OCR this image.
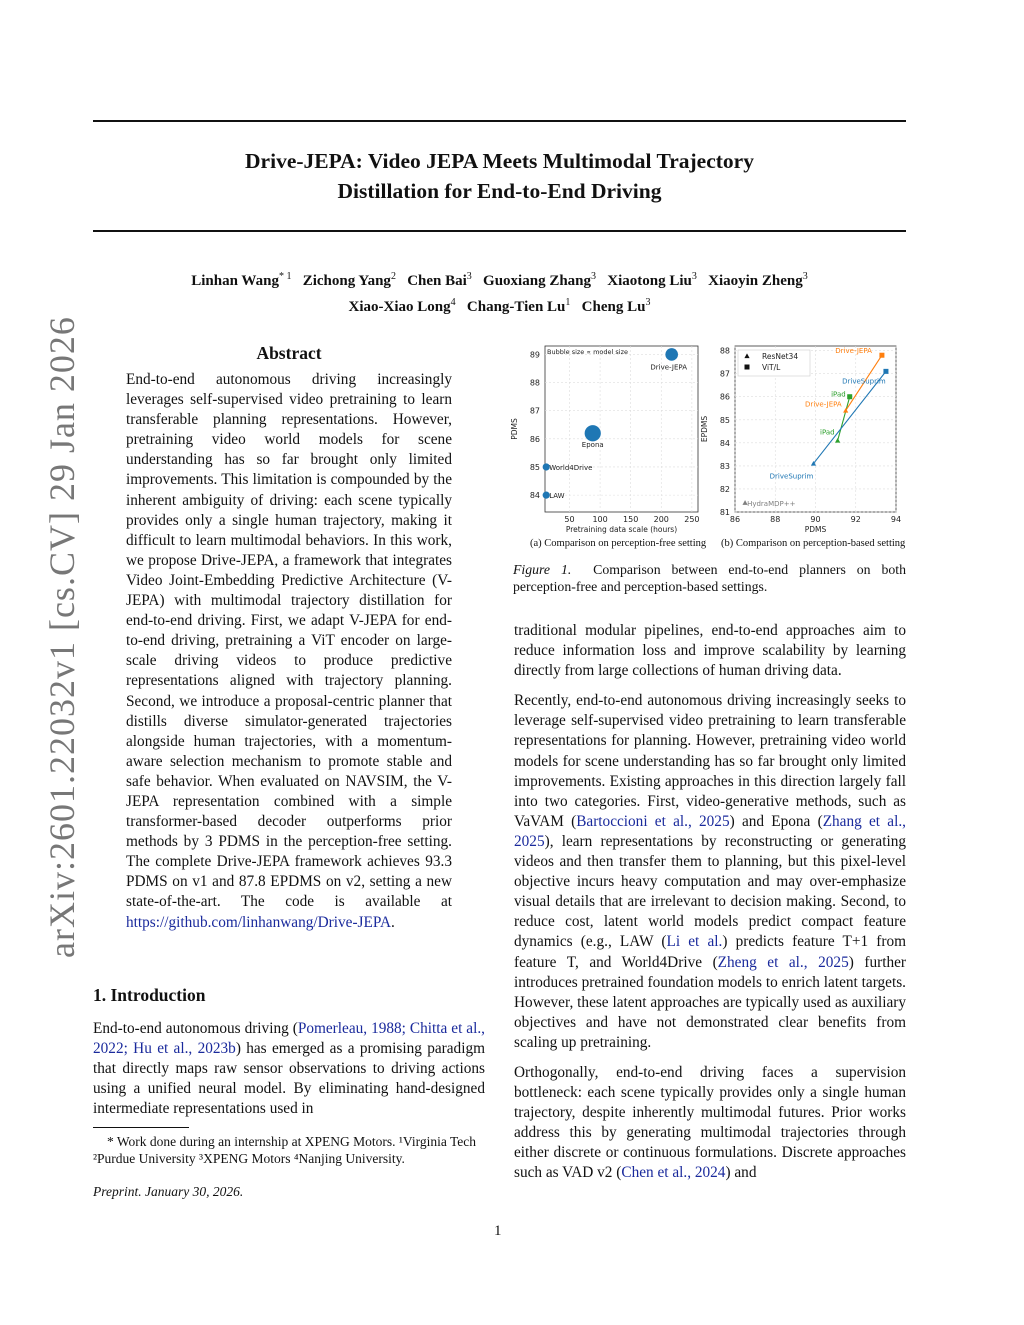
arXiv:2601.22032v1 [cs.CV] 29 Jan 2026
Drive-JEPA: Video JEPA Meets Multimodal Trajectory
Distillation for End-to-End Driving
Linhan Wang$^{* 1}$ Zichong Yang$^2$ Chen Bai$^3$ Guoxiang Zhang$^3$ Xiaotong Liu$^3$ Xiaoyin Zheng$^3$
Xiao-Xiao Long$^4$ Chang-Tien Lu$^1$ Cheng Lu$^3$
Abstract

End-to-end autonomous driving increasingly leverages self-supervised video pretraining to learn transferable planning representations. However, pretraining video world models for scene understanding has so far brought only limited improvements. This limitation is compounded by the inherent ambiguity of driving: each scene typically provides only a single human trajectory, making it difficult to learn multimodal behaviors. In this work, we propose Drive-JEPA, a framework that integrates Video Joint-Embedding Predictive Architecture (V-JEPA) with multimodal trajectory distillation for end-to-end driving. First, we adapt V-JEPA for end-to-end driving, pretraining a ViT encoder on large-scale driving videos to produce predictive representations aligned with trajectory planning. Second, we introduce a proposal-centric planner that distills diverse simulator-generated trajectories alongside human trajectories, with a momentum-aware selection mechanism to promote stable and safe behavior. When evaluated on NAVSIM, the V-JEPA representation combined with a simple transformer-based decoder outperforms prior methods by 3 PDMS in the perception-free setting. The complete Drive-JEPA framework achieves 93.3 PDMS on v1 and 87.8 EPDMS on v2, setting a new state-of-the-art. The code is available at https://github.com/linhanwang/Drive-JEPA.

1. Introduction

End-to-end autonomous driving (Pomerleau, 1988; Chitta et al., 2022; Hu et al., 2023b) has emerged as a promising paradigm that directly maps raw sensor observations to driving actions using a unified neural model. By eliminating hand-designed intermediate representations used in

* Work done during an internship at XPENG Motors. ¹Virginia Tech ²Purdue University ³XPENG Motors ⁴Nanjing University.
Preprint. January 30, 2026.
50 100 150 200 250
84
85
86
87
88
89
Pretraining data scale (hours)
PDMS
Bubble size ∝ model size
LAW
World4Drive
Epona
Drive-JEPA
86	88	90	92	94
81
82
83
84
85
86
87
88
PDMS
EPDMS
ResNet34
ViT/L
iPad
iPad
Drive-JEPA
Drive-JEPA
DriveSuprim
DriveSuprim
HydraMDP++
(a) Comparison on perception-free setting (b) Comparison on perception-based setting
Figure 1. Comparison between end-to-end planners on both perception-free and perception-based settings.

traditional modular pipelines, end-to-end approaches aim to reduce information loss and improve scalability by learning directly from large collections of human driving data.

Recently, end-to-end autonomous driving increasingly seeks to leverage self-supervised video pretraining to learn transferable representations for planning. However, pretraining video world models for scene understanding has so far brought only limited improvements. Existing approaches in this direction largely fall into two categories. First, video-generative methods, such as VaVAM (Bartoccioni et al., 2025) and Epona (Zhang et al., 2025), learn representations by reconstructing or generating videos and then transfer them to planning, but this pixel-level objective incurs heavy computation and may over-emphasize visual details that are irrelevant to decision making. Second, to reduce cost, latent world models predict compact feature dynamics (e.g., LAW (Li et al.) predicts feature T+1 from feature T, and World4Drive (Zheng et al., 2025) further introduces pretrained foundation models to enrich latent targets. However, these latent approaches are typically used as auxiliary objectives and have not demonstrated clear benefits from scaling up pretraining.

Orthogonally, end-to-end driving faces a supervision bottleneck: each scene typically provides only a single human trajectory, despite inherently multimodal futures. Prior works address this by generating multimodal trajectories through either discrete or continuous formulations. Discrete approaches such as VAD v2 (Chen et al., 2024) and

1
